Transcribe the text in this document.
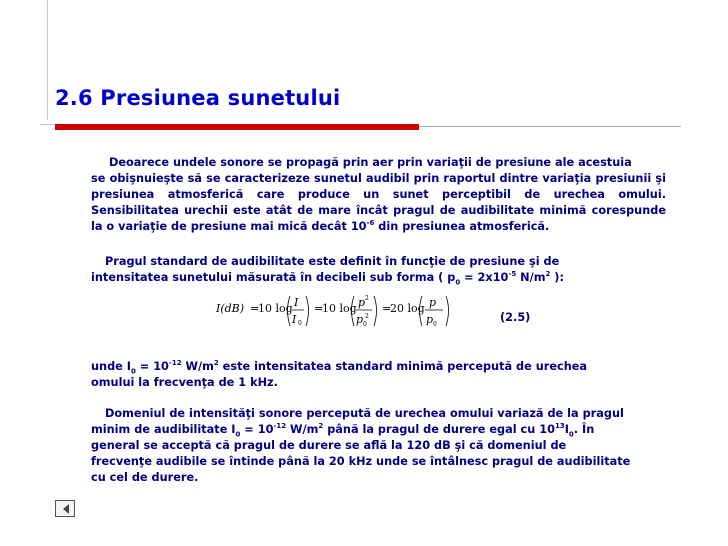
2.6 Presiunea sunetului
Deoarece undele sonore se propagă prin aer prin variaţii de presiune ale acestuia
se obişnuieşte să se caracterizeze sunetul audibil prin raportul dintre variaţia presiunii şi presiunea atmosferică care produce un sunet perceptibil de urechea omului. Sensibilitatea urechii este atât de mare încât pragul de audibilitate minimă corespunde la o variaţie de presiune mai mică decât $10^{-6}$ din presiunea atmosferică.
Pragul standard de audibilitate este definit în funcţie de presiune şi de
intensitatea sunetului măsurată în decibeli sub forma ( $p_0 = 2x10^{-5}$ $N/m^2$ ):
I(dB) =
10 log I
I 0
=
10 log p 2
p 0
2
=
20 log p
p 0
(2.5)
unde $I_0 = 10^{-12}$ $W/m^2$ este intensitatea standard minimă percepută de urechea
omului la frecvenţa de 1 kHz.
Domeniul de intensităţi sonore percepută de urechea omului variază de la pragul
minim de audibilitate $I_0 = 10^{-12}$ $W/m^2$ până la pragul de durere egal cu $10^{13}I_0$. În
general se acceptă că pragul de durere se află la 120 dB şi că domeniul de
frecvenţe audibile se întinde până la 20 kHz unde se întâlnesc pragul de audibilitate
cu cel de durere.
